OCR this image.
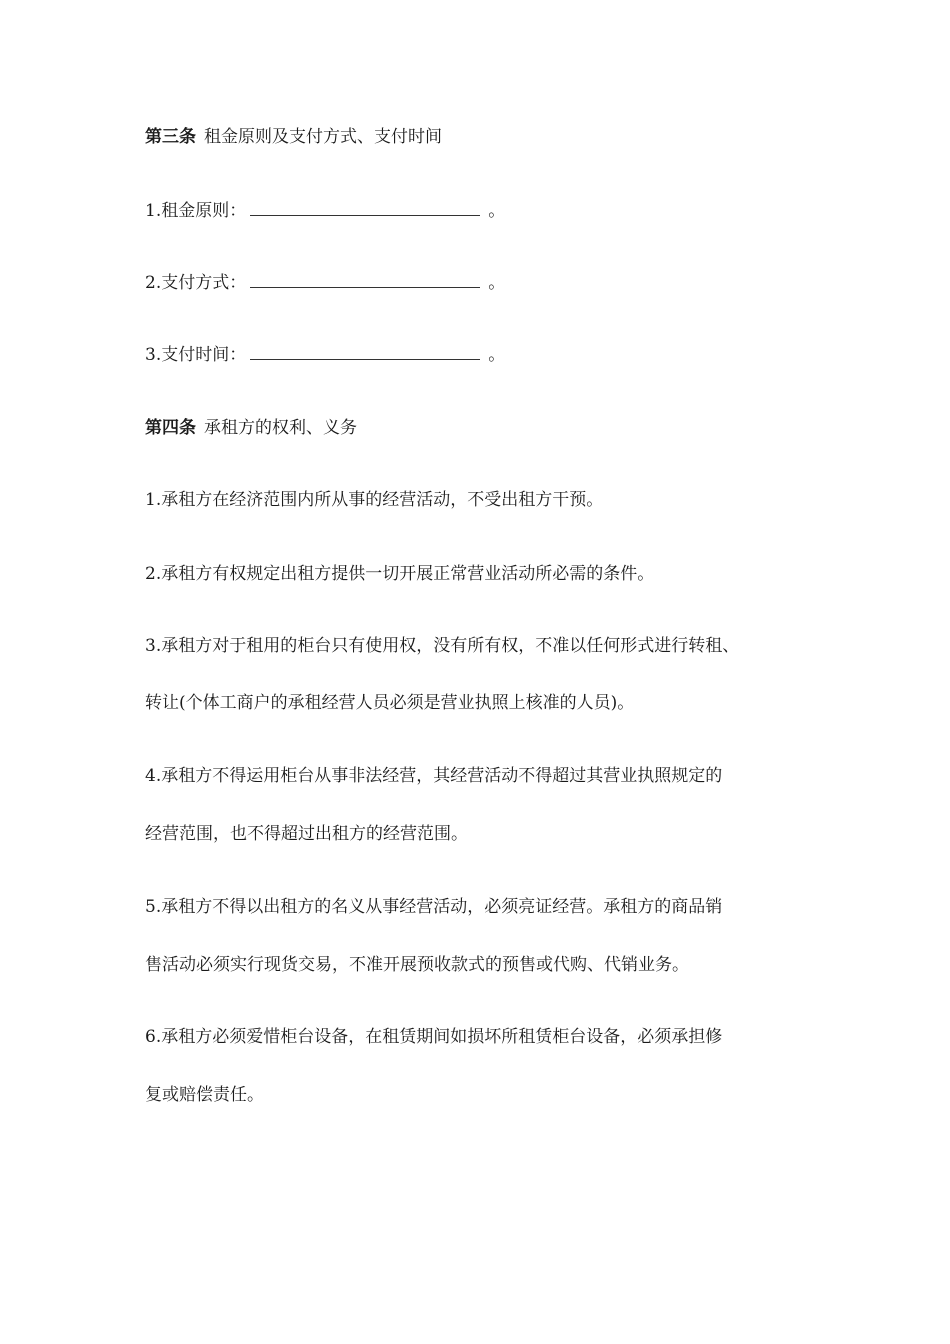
第三条 租金原则及支付方式、支付时间
1.租金原则：	。
2.支付方式：	。
3.支付时间：	。
第四条 承租方的权利、义务
1.承租方在经济范围内所从事的经营活动，不受出租方干预。
2.承租方有权规定出租方提供一切开展正常营业活动所必需的条件。
3.承租方对于租用的柜台只有使用权，没有所有权，不准以任何形式进行转租、
转让(个体工商户的承租经营人员必须是营业执照上核准的人员)。
4.承租方不得运用柜台从事非法经营，其经营活动不得超过其营业执照规定的
经营范围，也不得超过出租方的经营范围。
5.承租方不得以出租方的名义从事经营活动，必须亮证经营。承租方的商品销
售活动必须实行现货交易，不准开展预收款式的预售或代购、代销业务。
6.承租方必须爱惜柜台设备，在租赁期间如损坏所租赁柜台设备，必须承担修
复或赔偿责任。
